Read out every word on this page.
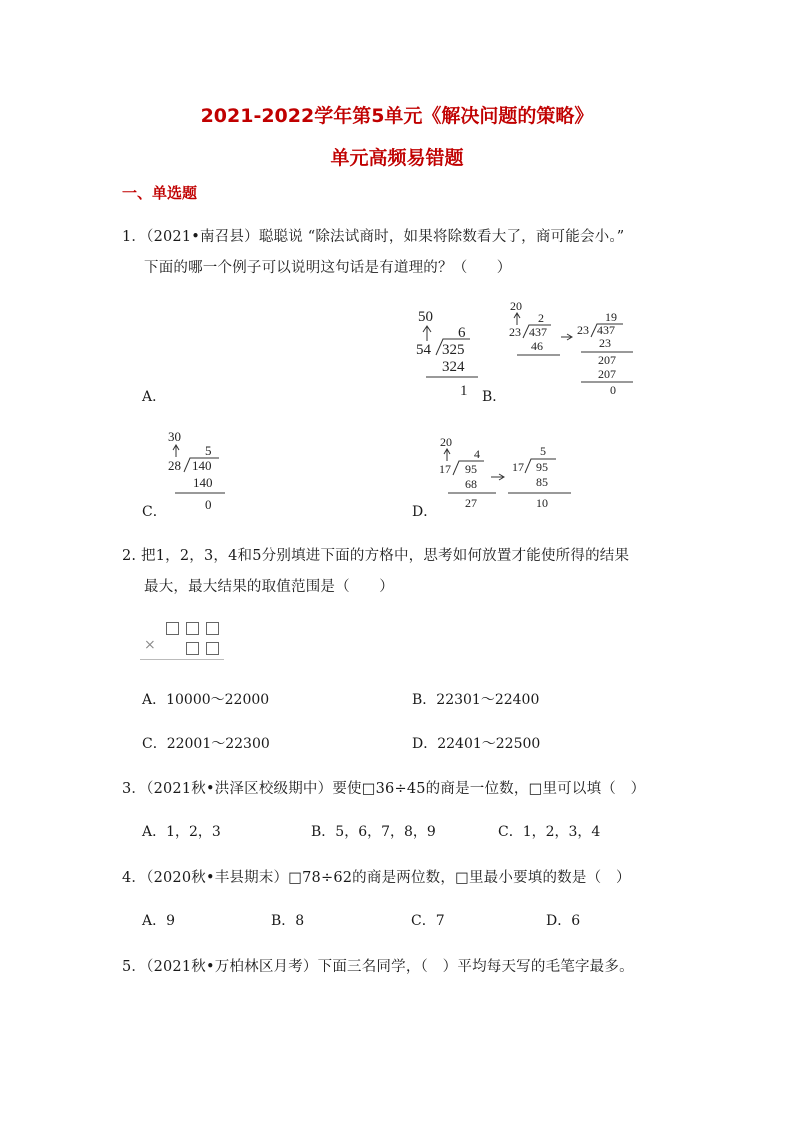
2021-2022学年第5单元《解决问题的策略》
单元高频易错题
一、单选题
1．（2021•南召县）聪聪说 “除法试商时，如果将除数看大了，商可能会小。”
下面的哪一个例子可以说明这句话是有道理的？（　　）
A．	B．
C．	D．
50
6
54 325
324
1
20
2
23 437
46
19
23 437
23
207
207
0
30
5
28 140
140
0
20
4
17 95
68
27
5
17 95
85
10
2. 把1，2，3，4和5分别填进下面的方格中，思考如何放置才能使所得的结果
最大，最大结果的取值范围是（　　）
×
A．10000～22000	B．22301～22400
C．22001～22300	D．22401～22500
3．（2021秋•洪泽区校级期中）要使□36÷45的商是一位数，□里可以填（　）
A．1，2，3	B．5，6，7，8，9	C．1，2，3，4
4．（2020秋•丰县期末）□78÷62的商是两位数，□里最小要填的数是（　）
A．9	B．8	C．7	D．6
5．（2021秋•万柏林区月考）下面三名同学，（　）平均每天写的毛笔字最多。
